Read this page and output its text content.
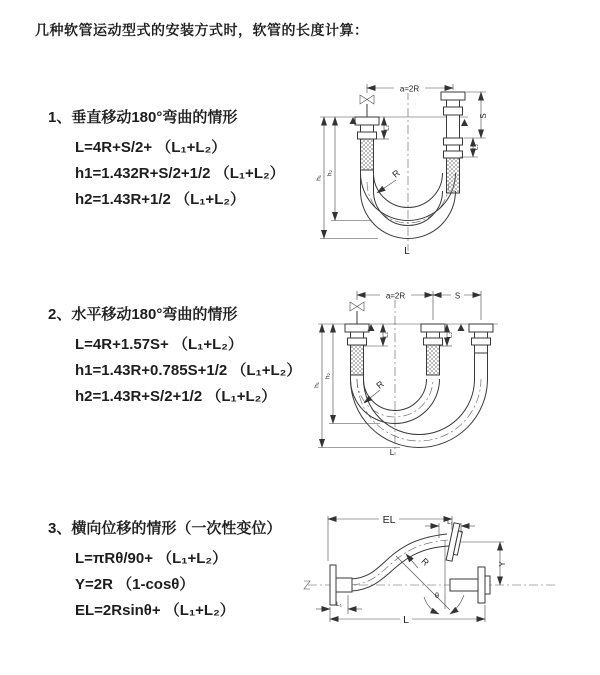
几种软管运动型式的安装方式时，软管的长度计算：
1、垂直移动180°弯曲的情形
L=4R+S/2+ （L₁+L₂）
h1=1.432R+S/2+1/2 （L₁+L₂）
h2=1.43R+1/2 （L₁+L₂）
2、水平移动180°弯曲的情形
L=4R+1.57S+ （L₁+L₂）
h1=1.43R+0.785S+1/2 （L₁+L₂）
h2=1.43R+S/2+1/2 （L₁+L₂）
3、横向位移的情形（一次性变位）
L=πRθ/90+ （L₁+L₂）
Y=2R （1-cosθ）
EL=2Rsinθ+ （L₁+L₂）
a=2R
S
L₂
L₁
h₁
h₂	R
L
a=2R	S
L₁	L₂
h₁
h₂
R
L
EL	L₁
Y
θ
R
L
L₁
